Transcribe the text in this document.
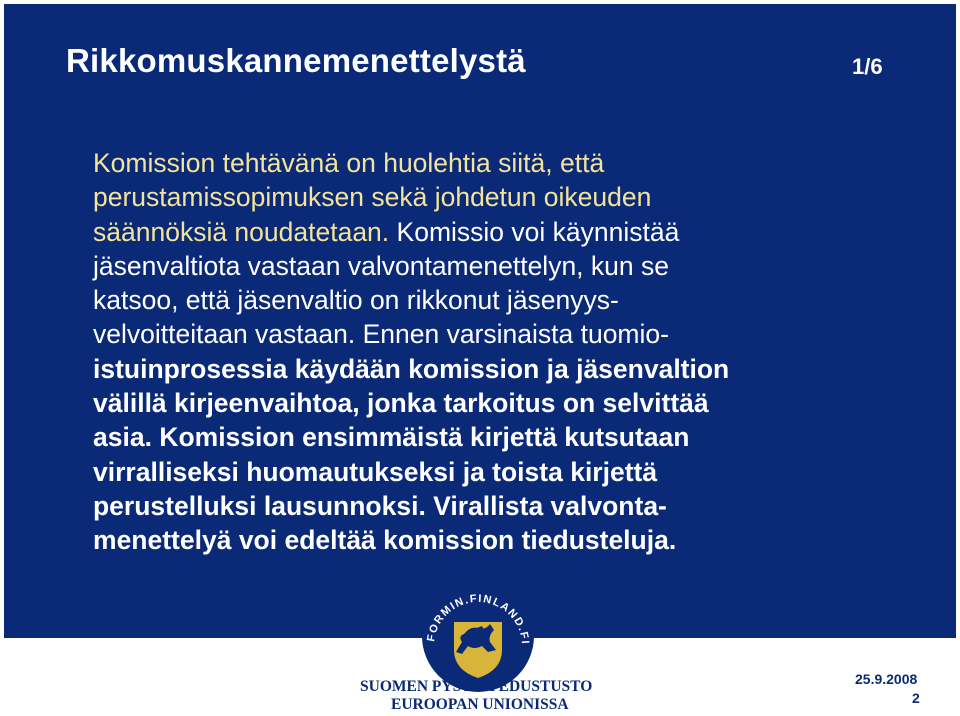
Rikkomuskannemenettelystä	1/6
Komission tehtävänä on huolehtia siitä, että
perustamissopimuksen sekä johdetun oikeuden
säännöksiä noudatetaan. Komissio voi käynnistää
jäsenvaltiota vastaan valvontamenettelyn, kun se
katsoo, että jäsenvaltio on rikkonut jäsenyys-
velvoitteitaan vastaan. Ennen varsinaista tuomio-
istuinprosessia käydään komission ja jäsenvaltion
välillä kirjeenvaihtoa, jonka tarkoitus on selvittää
asia. Komission ensimmäistä kirjettä kutsutaan
virralliseksi huomautukseksi ja toista kirjettä
perustelluksi lausunnoksi. Virallista valvonta-
menettelyä voi edeltää komission tiedusteluja.
FORMIN.FINLAND.FI
SUOMEN PYSYVÄ EDUSTUSTO
EUROOPAN UNIONISSA
25.9.2008
2
